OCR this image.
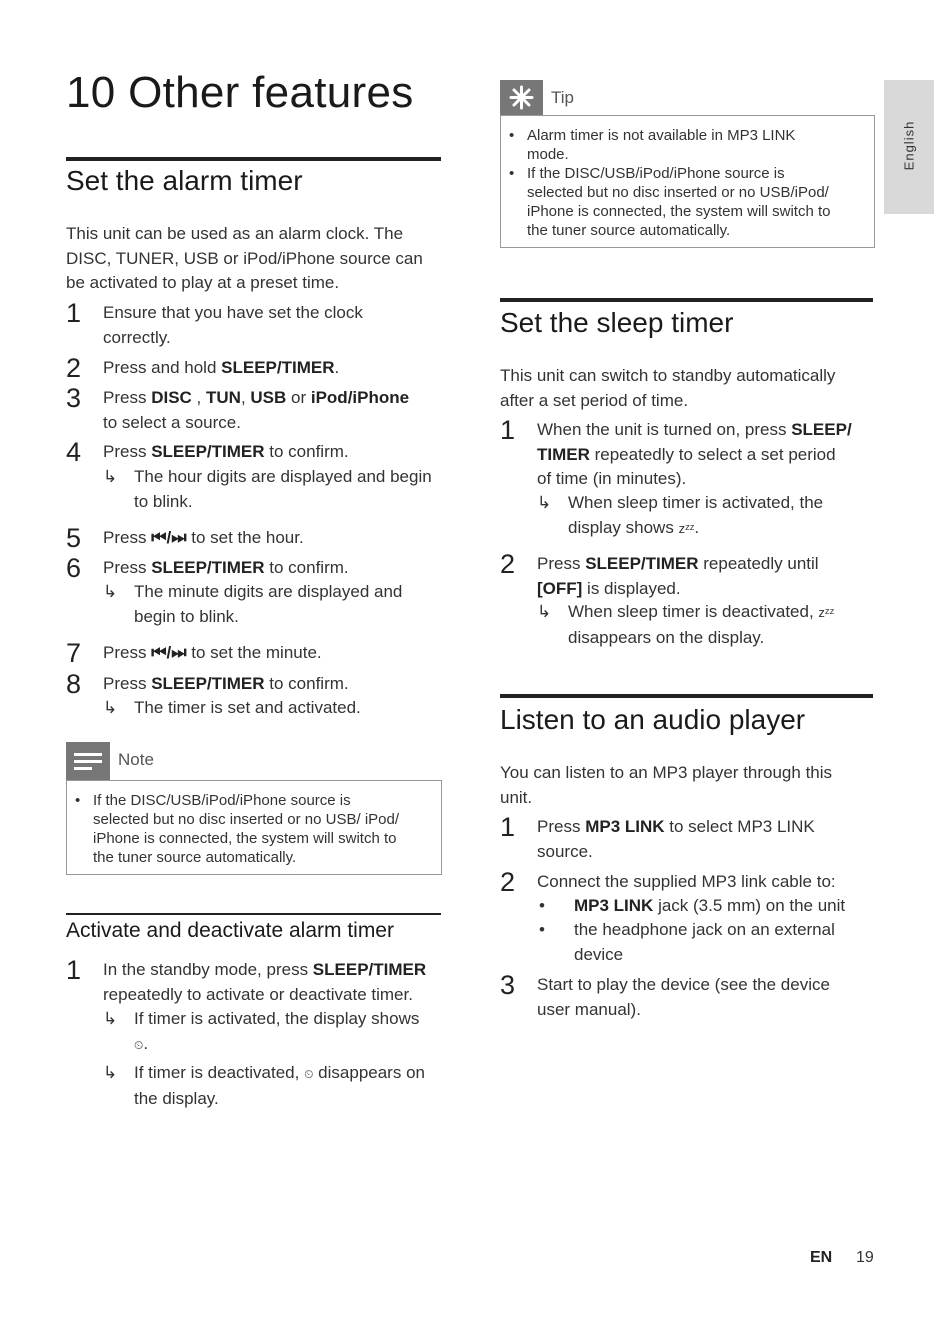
10 Other features
English
Set the alarm timer
This unit can be used as an alarm clock. The
DISC, TUNER, USB or iPod/iPhone source can
be activated to play at a preset time.
1 Ensure that you have set the clock
correctly.
2 Press and hold SLEEP/TIMER.
3 Press DISC , TUN, USB or iPod/iPhone
to select a source.
4 Press SLEEP/TIMER to confirm.
↳ The hour digits are displayed and begin
to blink.
5 Press ⏮/⏭ to set the hour.
6 Press SLEEP/TIMER to confirm.
↳ The minute digits are displayed and
begin to blink.
7 Press ⏮/⏭ to set the minute.
8 Press SLEEP/TIMER to confirm.
↳ The timer is set and activated.
Note
• If the DISC/USB/iPod/iPhone source is
selected but no disc inserted or no USB/ iPod/
iPhone is connected, the system will switch to
the tuner source automatically.
Activate and deactivate alarm timer
1 In the standby mode, press SLEEP/TIMER
repeatedly to activate or deactivate timer.
↳ If timer is activated, the display shows
⏲.
↳ If timer is deactivated, ⏲ disappears on
the display.
Tip
• Alarm timer is not available in MP3 LINK
mode.
• If the DISC/USB/iPod/iPhone source is
selected but no disc inserted or no USB/iPod/
iPhone is connected, the system will switch to
the tuner source automatically.
Set the sleep timer
This unit can switch to standby automatically
after a set period of time.
1 When the unit is turned on, press SLEEP/
TIMER repeatedly to select a set period
of time (in minutes).
↳ When sleep timer is activated, the
display shows zᶻᶻ.
2 Press SLEEP/TIMER repeatedly until
[OFF] is displayed.
↳ When sleep timer is deactivated, zᶻᶻ
disappears on the display.
Listen to an audio player
You can listen to an MP3 player through this
unit.
1 Press MP3 LINK to select MP3 LINK
source.
2 Connect the supplied MP3 link cable to:
• MP3 LINK jack (3.5 mm) on the unit
• the headphone jack on an external
device
3 Start to play the device (see the device
user manual).
EN 19
